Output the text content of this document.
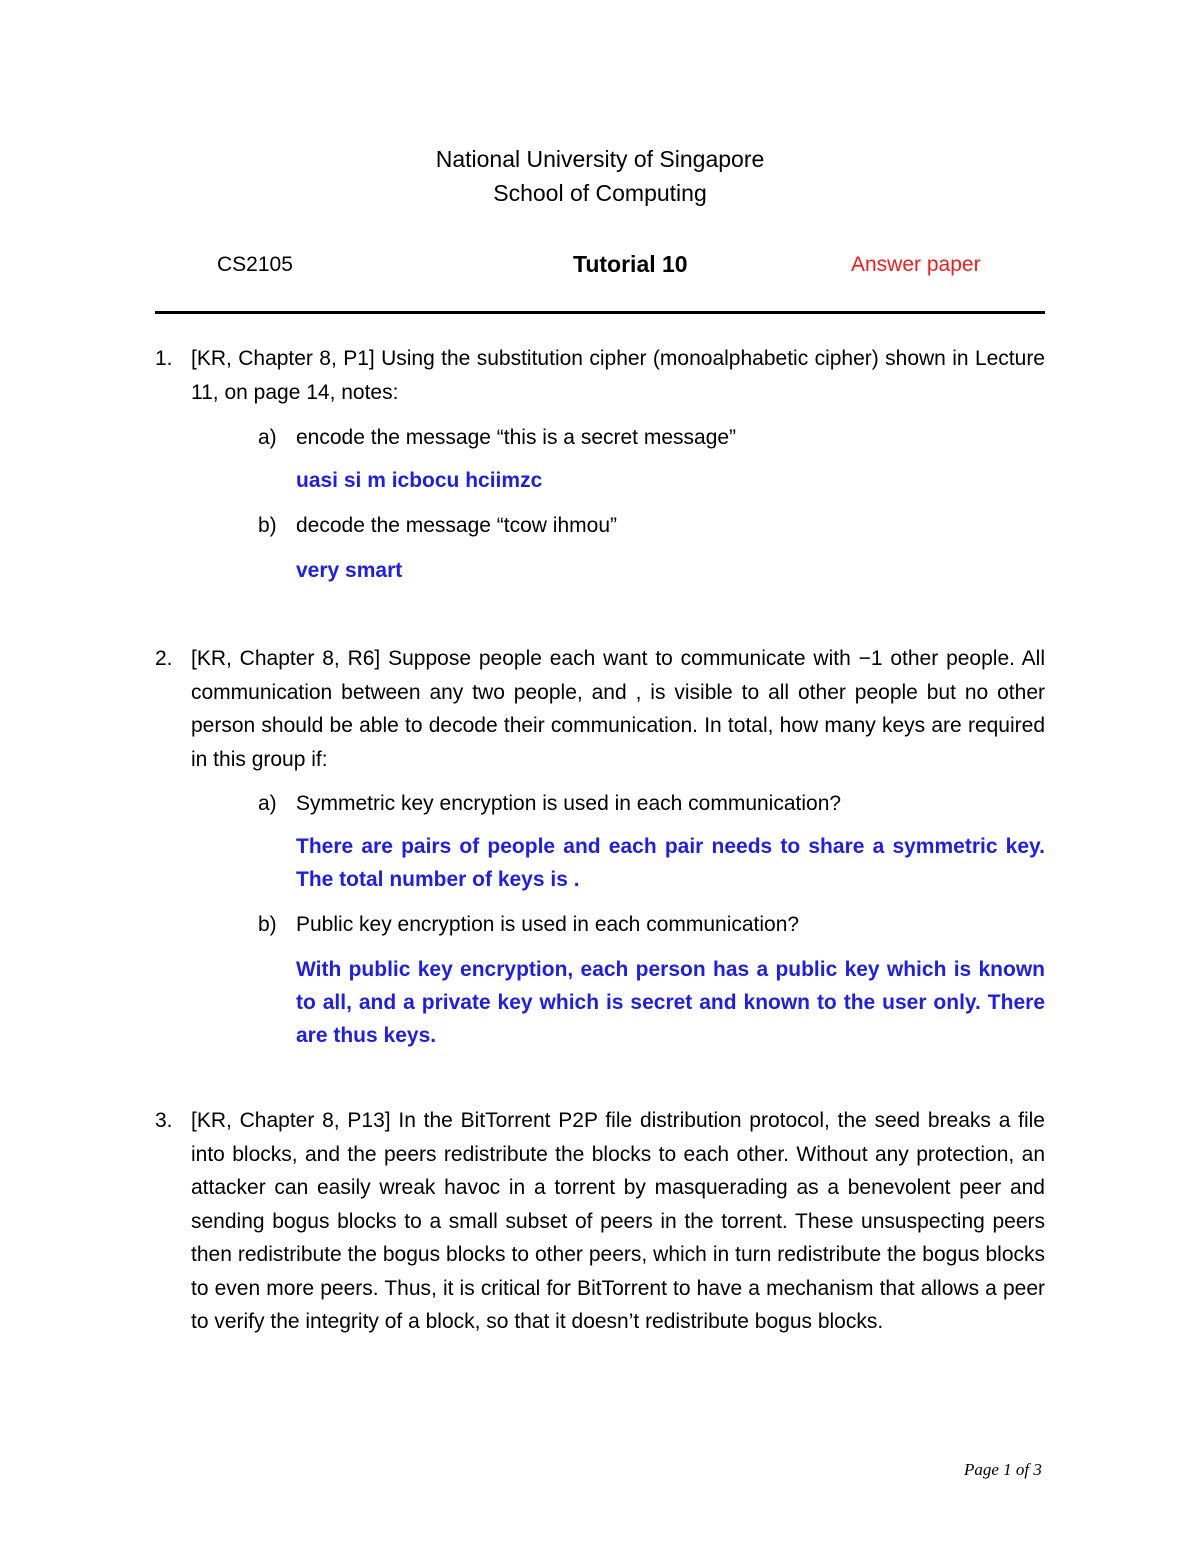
National University of Singapore
School of Computing
CS2105	Tutorial 10	Answer paper
1. [KR, Chapter 8, P1] Using the substitution cipher (monoalphabetic cipher) shown in Lecture 11, on page 14, notes:
a) encode the message “this is a secret message”
uasi si m icbocu hciimzc
b) decode the message “tcow ihmou”
very smart
2. [KR, Chapter 8, R6] Suppose people each want to communicate with −1 other people. All communication between any two people, and , is visible to all other people but no other person should be able to decode their communication. In total, how many keys are required in this group if:
a) Symmetric key encryption is used in each communication?
There are pairs of people and each pair needs to share a symmetric key. The total number of keys is .
b) Public key encryption is used in each communication?
With public key encryption, each person has a public key which is known to all, and a private key which is secret and known to the user only. There are thus keys.
3. [KR, Chapter 8, P13] In the BitTorrent P2P file distribution protocol, the seed breaks a file into blocks, and the peers redistribute the blocks to each other. Without any protection, an attacker can easily wreak havoc in a torrent by masquerading as a benevolent peer and sending bogus blocks to a small subset of peers in the torrent. These unsuspecting peers then redistribute the bogus blocks to other peers, which in turn redistribute the bogus blocks to even more peers. Thus, it is critical for BitTorrent to have a mechanism that allows a peer to verify the integrity of a block, so that it doesn’t redistribute bogus blocks.
Page 1 of 3
